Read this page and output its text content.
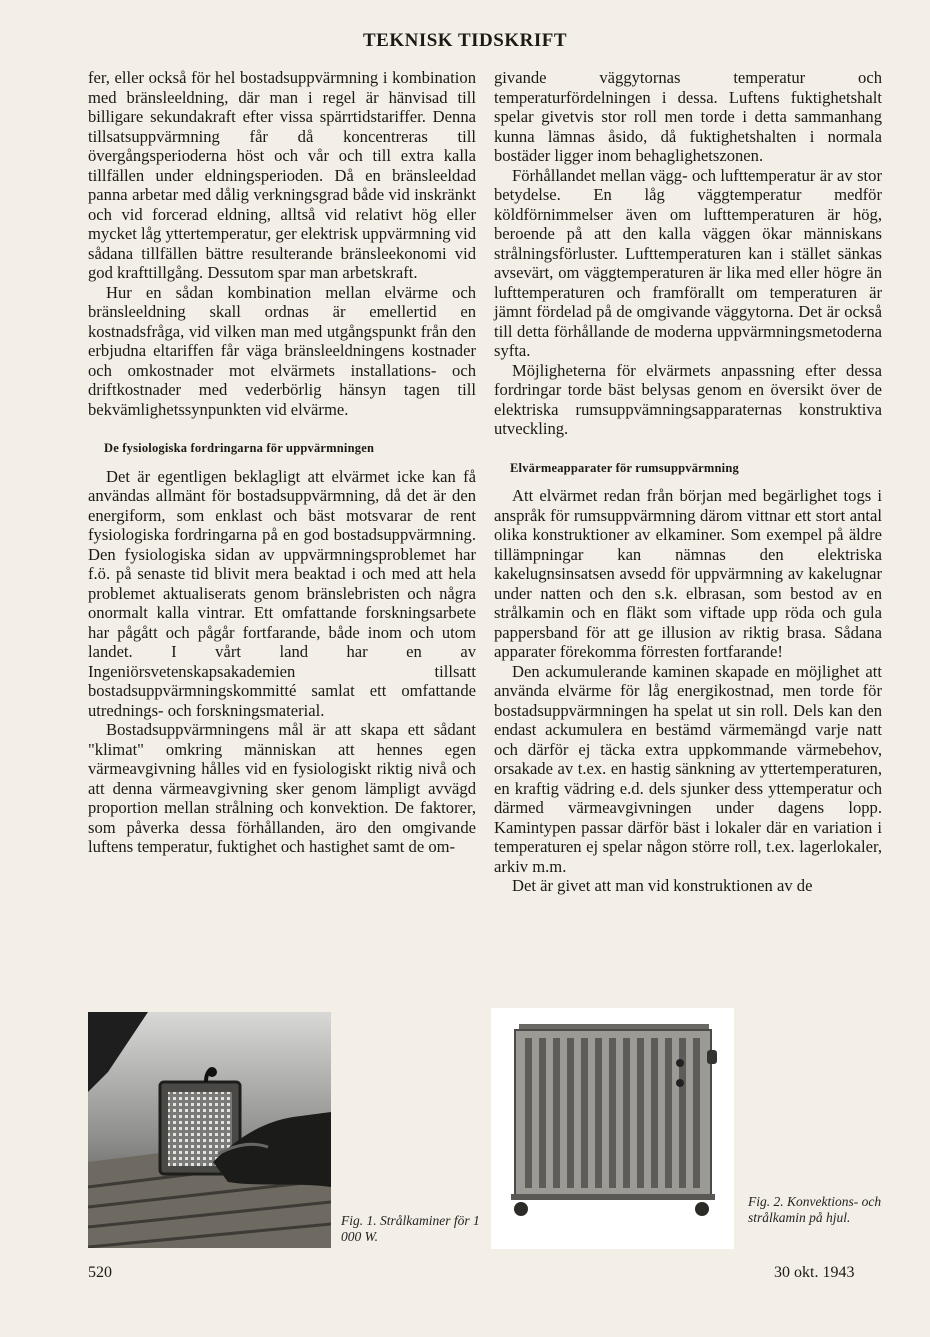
TEKNISK TIDSKRIFT

fer, eller också för hel bostadsuppvärmning i kombination med bränsleeldning, där man i regel är hänvisad till billigare sekundakraft efter vissa spärrtidstariffer. Denna tillsatsuppvärmning får då koncentreras till övergångsperioderna höst och vår och till extra kalla tillfällen under eldningsperioden. Då en bränsleeldad panna arbetar med dålig verkningsgrad både vid inskränkt och vid forcerad eldning, alltså vid relativt hög eller mycket låg yttertemperatur, ger elektrisk uppvärmning vid sådana tillfällen bättre resulterande bränsleekonomi vid god krafttillgång. Dessutom spar man arbetskraft.

Hur en sådan kombination mellan elvärme och bränsleeldning skall ordnas är emellertid en kostnadsfråga, vid vilken man med utgångspunkt från den erbjudna eltariffen får väga bränsleeldningens kostnader och omkostnader mot elvärmets installations- och driftkostnader med vederbörlig hänsyn tagen till bekvämlighetssynpunkten vid elvärme.

De fysiologiska fordringarna för uppvärmningen

Det är egentligen beklagligt att elvärmet icke kan få användas allmänt för bostadsuppvärmning, då det är den energiform, som enklast och bäst motsvarar de rent fysiologiska fordringarna på en god bostadsuppvärmning. Den fysiologiska sidan av uppvärmningsproblemet har f.ö. på senaste tid blivit mera beaktad i och med att hela problemet aktualiserats genom bränslebristen och några onormalt kalla vintrar. Ett omfattande forskningsarbete har pågått och pågår fortfarande, både inom och utom landet. I vårt land har en av Ingeniörsvetenskapsakademien tillsatt bostadsuppvärmningskommitté samlat ett omfattande utrednings- och forskningsmaterial.

Bostadsuppvärmningens mål är att skapa ett sådant "klimat" omkring människan att hennes egen värmeavgivning hålles vid en fysiologiskt riktig nivå och att denna värmeavgivning sker genom lämpligt avvägd proportion mellan strålning och konvektion. De faktorer, som påverka dessa förhållanden, äro den omgivande luftens temperatur, fuktighet och hastighet samt de om-

givande väggytornas temperatur och temperaturfördelningen i dessa. Luftens fuktighetshalt spelar givetvis stor roll men torde i detta sammanhang kunna lämnas åsido, då fuktighetshalten i normala bostäder ligger inom behaglighetszonen.

Förhållandet mellan vägg- och lufttemperatur är av stor betydelse. En låg väggtemperatur medför köldförnimmelser även om lufttemperaturen är hög, beroende på att den kalla väggen ökar människans strålningsförluster. Lufttemperaturen kan i stället sänkas avsevärt, om väggtemperaturen är lika med eller högre än lufttemperaturen och framförallt om temperaturen är jämnt fördelad på de omgivande väggytorna. Det är också till detta förhållande de moderna uppvärmningsmetoderna syfta.

Möjligheterna för elvärmets anpassning efter dessa fordringar torde bäst belysas genom en översikt över de elektriska rumsuppvämningsapparaternas konstruktiva utveckling.

Elvärmeapparater för rumsuppvärmning

Att elvärmet redan från början med begärlighet togs i anspråk för rumsuppvärmning därom vittnar ett stort antal olika konstruktioner av elkaminer. Som exempel på äldre tillämpningar kan nämnas den elektriska kakelugnsinsatsen avsedd för uppvärmning av kakelugnar under natten och den s.k. elbrasan, som bestod av en strålkamin och en fläkt som viftade upp röda och gula pappersband för att ge illusion av riktig brasa. Sådana apparater förekomma förresten fortfarande!

Den ackumulerande kaminen skapade en möjlighet att använda elvärme för låg energikostnad, men torde för bostadsuppvärmningen ha spelat ut sin roll. Dels kan den endast ackumulera en bestämd värmemängd varje natt och därför ej täcka extra uppkommande värmebehov, orsakade av t.ex. en hastig sänkning av yttertemperaturen, en kraftig vädring e.d. dels sjunker dess yttemperatur och därmed värmeavgivningen under dagens lopp. Kamintypen passar därför bäst i lokaler där en variation i temperaturen ej spelar någon större roll, t.ex. lagerlokaler, arkiv m.m.

Det är givet att man vid konstruktionen av de

Fig. 1. Strålkaminer för 1 000 W.
Fig. 2. Konvektions- och strålkamin på hjul.
520	30 okt. 1943
